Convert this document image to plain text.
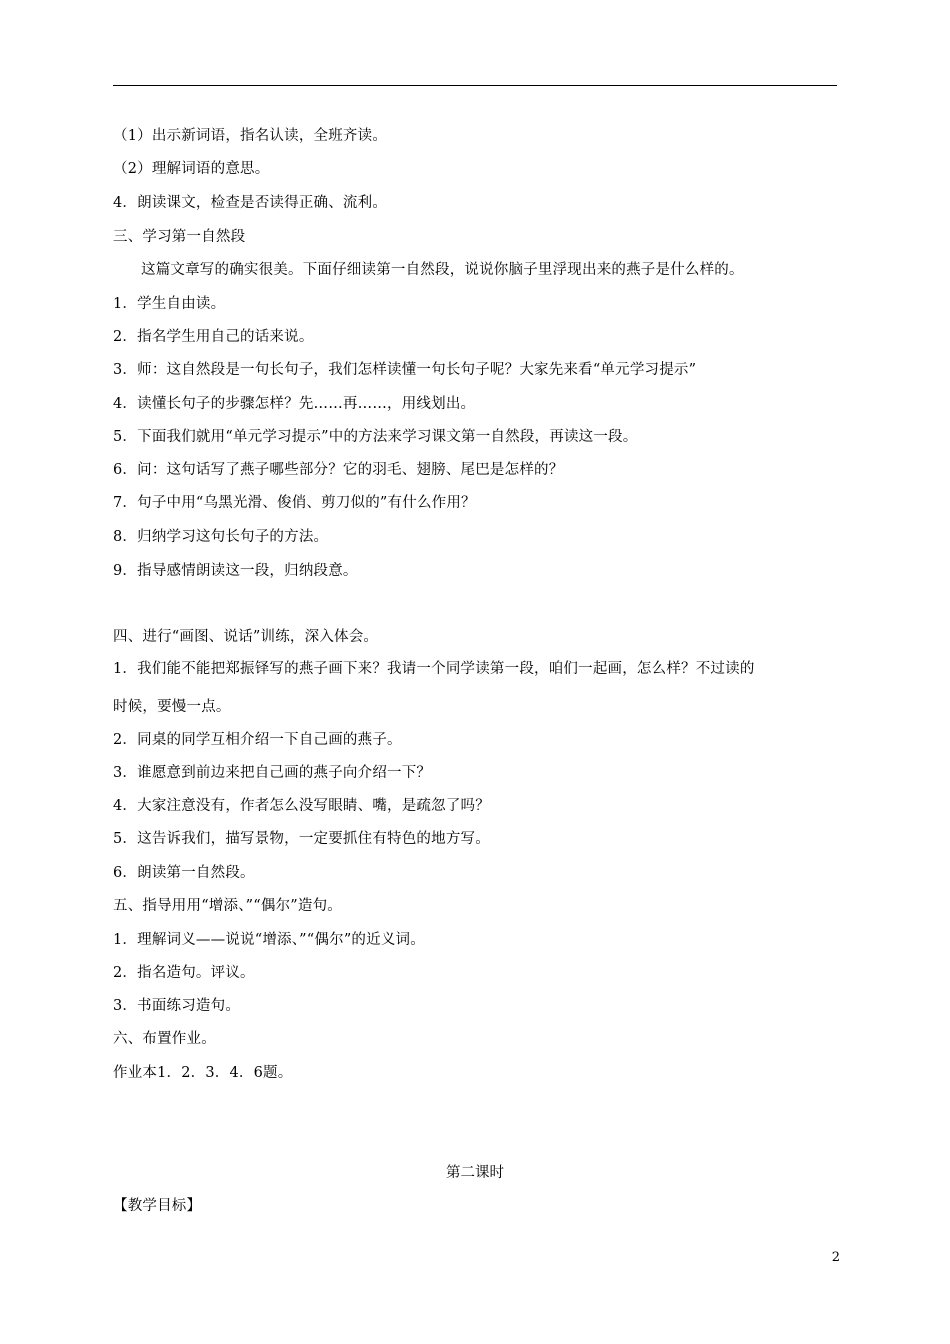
（1）出示新词语，指名认读，全班齐读。
（2）理解词语的意思。
4．朗读课文，检查是否读得正确、流利。
三、学习第一自然段
这篇文章写的确实很美。下面仔细读第一自然段，说说你脑子里浮现出来的燕子是什么样的。
1．学生自由读。
2．指名学生用自己的话来说。
3．师：这自然段是一句长句子，我们怎样读懂一句长句子呢？大家先来看“单元学习提示”
4．读懂长句子的步骤怎样？先……再……，用线划出。
5．下面我们就用“单元学习提示”中的方法来学习课文第一自然段，再读这一段。
6．问：这句话写了燕子哪些部分？它的羽毛、翅膀、尾巴是怎样的？
7．句子中用“乌黑光滑、俊俏、剪刀似的”有什么作用？
8．归纳学习这句长句子的方法。
9．指导感情朗读这一段，归纳段意。
四、进行“画图、说话”训练，深入体会。
1．我们能不能把郑振铎写的燕子画下来？我请一个同学读第一段，咱们一起画，怎么样？不过读的
时候，要慢一点。
2．同桌的同学互相介绍一下自己画的燕子。
3．谁愿意到前边来把自己画的燕子向介绍一下？
4．大家注意没有，作者怎么没写眼睛、嘴，是疏忽了吗？
5．这告诉我们，描写景物，一定要抓住有特色的地方写。
6．朗读第一自然段。
五、指导用用“增添、”“偶尔”造句。
1．理解词义——说说“增添、”“偶尔”的近义词。
2．指名造句。评议。
3．书面练习造句。
六、布置作业。
作业本1．2．3．4．6题。
第二课时
【教学目标】
2
